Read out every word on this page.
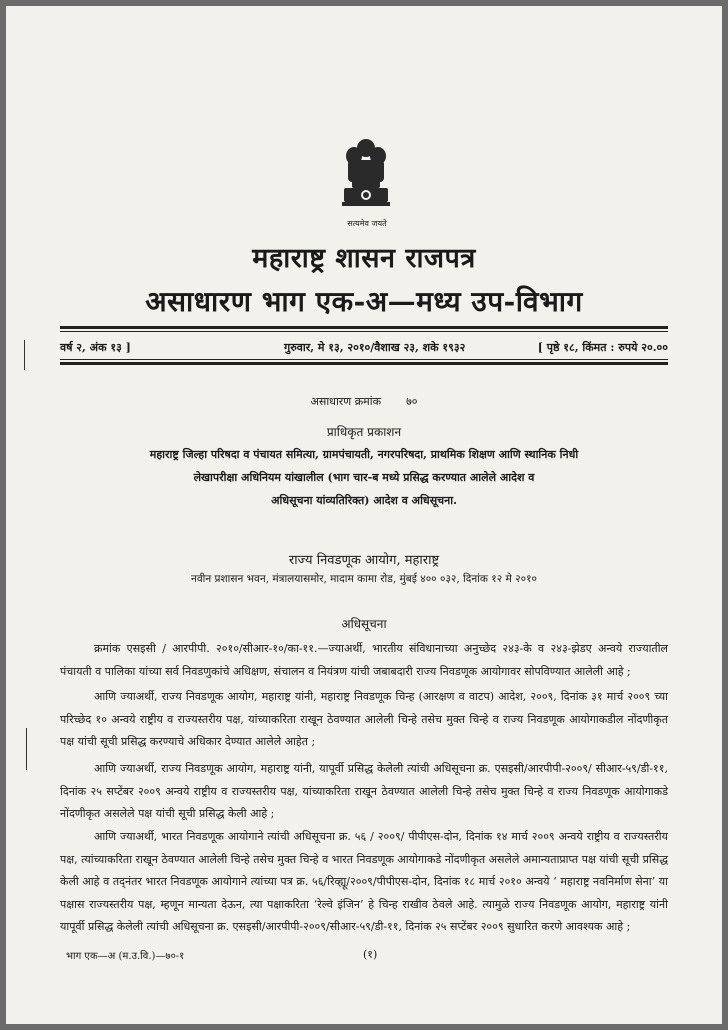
सत्यमेव जयते
महाराष्ट्र शासन राजपत्र
असाधारण भाग एक-अ—मध्य उप-विभाग
वर्ष २, अंक १३ ]	गुरुवार, मे १३, २०१०/वैशाख २३, शके १९३२	[ पृष्ठे १८, किंमत : रुपये २०.००
असाधारण क्रमांक ७०
प्राधिकृत प्रकाशन
महाराष्ट्र जिल्हा परिषदा व पंचायत समित्या, ग्रामपंचायती, नगरपरिषदा, प्राथमिक शिक्षण आणि स्थानिक निधी
लेखापरीक्षा अधिनियम यांखालील (भाग चार-ब मध्ये प्रसिद्ध करण्यात आलेले आदेश व
अधिसूचना यांव्यतिरिक्त) आदेश व अधिसूचना.
राज्य निवडणूक आयोग, महाराष्ट्र
नवीन प्रशासन भवन, मंत्रालयासमोर, मादाम कामा रोड, मुंबई ४०० ०३२, दिनांक १२ मे २०१०
अधिसूचना
क्रमांक एसइसी / आरपीपी. २०१०/सीआर-१०/का-११.—ज्याअर्थी, भारतीय संविधानाच्या अनुच्छेद २४३-के व २४३-झेडए अन्वये राज्यातील पंचायती व पालिका यांच्या सर्व निवडणुकांचे अधिक्षण, संचालन व नियंत्रण यांची जबाबदारी राज्य निवडणूक आयोगावर सोपविण्यात आलेली आहे ;
आणि ज्याअर्थी, राज्य निवडणूक आयोग, महाराष्ट्र यांनी, महाराष्ट्र निवडणूक चिन्ह (आरक्षण व वाटप) आदेश, २००९, दिनांक ३१ मार्च २००९ च्या परिच्छेद १० अन्वये राष्ट्रीय व राज्यस्तरीय पक्ष, यांच्याकरिता राखून ठेवण्यात आलेली चिन्हे तसेच मुक्त चिन्हे व राज्य निवडणूक आयोगाकडील नोंदणीकृत पक्ष यांची सूची प्रसिद्ध करण्याचे अधिकार देण्यात आलेले आहेत ;
आणि ज्याअर्थी, राज्य निवडणूक आयोग, महाराष्ट्र यांनी, यापूर्वी प्रसिद्ध केलेली त्यांची अधिसूचना क्र. एसइसी/आरपीपी-२००९/ सीआर-५९/डी-११, दिनांक २५ सप्टेंबर २००९ अन्वये राष्ट्रीय व राज्यस्तरीय पक्ष, यांच्याकरिता राखून ठेवण्यात आलेली चिन्हे तसेच मुक्त चिन्हे व राज्य निवडणूक आयोगाकडे नोंदणीकृत असलेले पक्ष यांची सूची प्रसिद्ध केली आहे ;
आणि ज्याअर्थी, भारत निवडणूक आयोगाने त्यांची अधिसूचना क्र. ५६ / २००९/ पीपीएस-दोन, दिनांक १४ मार्च २००९ अन्वये राष्ट्रीय व राज्यस्तरीय पक्ष, त्यांच्याकरिता राखून ठेवण्यात आलेली चिन्हे तसेच मुक्त चिन्हे व भारत निवडणूक आयोगाकडे नोंदणीकृत असलेले अमान्यताप्राप्त पक्ष यांची सूची प्रसिद्ध केली आहे व तद्नंतर भारत निवडणूक आयोगाने त्यांच्या पत्र क्र. ५६/रिव्ह्यू/२००९/पीपीएस-दोन, दिनांक १८ मार्च २०१० अन्वये ‘ महाराष्ट्र नवनिर्माण सेना’ या पक्षास राज्यस्तरीय पक्ष, म्हणून मान्यता देऊन, त्या पक्षाकरिता ‘रेल्वे इंजिन’ हे चिन्ह राखीव ठेवले आहे. त्यामुळे राज्य निवडणूक आयोग, महाराष्ट्र यांनी यापूर्वी प्रसिद्ध केलेली त्यांची अधिसूचना क्र. एसइसी/आरपीपी-२००९/सीआर-५९/डी-११, दिनांक २५ सप्टेंबर २००९ सुधारित करणे आवश्यक आहे ;
भाग एक—अ (म.उ.वि.)—७०-१	(१)
